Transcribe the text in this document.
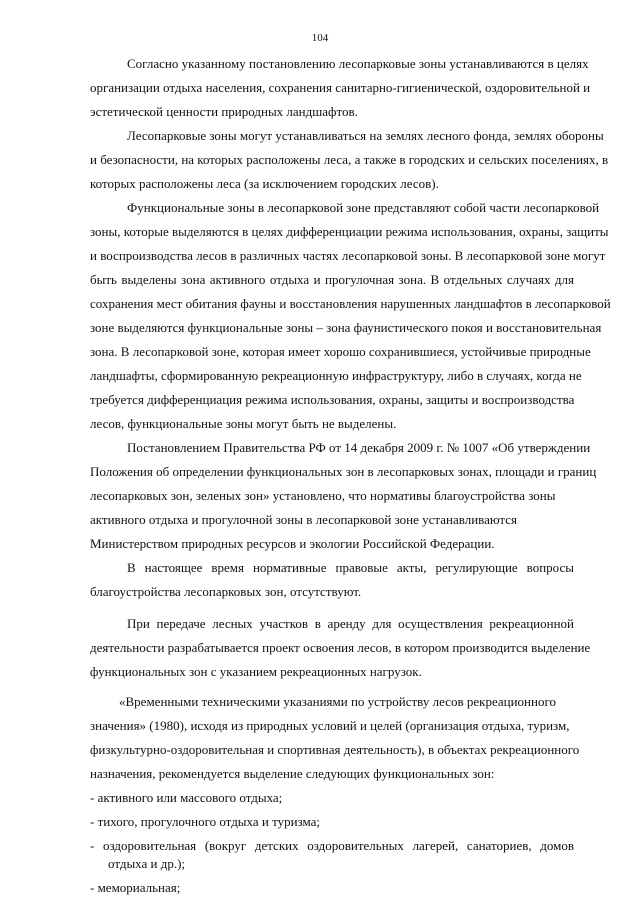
104
Согласно указанному постановлению лесопарковые зоны устанавливаются в целях
организации отдыха населения, сохранения санитарно-гигиенической, оздоровительной и
эстетической ценности природных ландшафтов.
Лесопарковые зоны могут устанавливаться на землях лесного фонда, землях обороны
и безопасности, на которых расположены леса, а также в городских и сельских поселениях, в
которых расположены леса (за исключением городских лесов).
Функциональные зоны в лесопарковой зоне представляют собой части лесопарковой
зоны, которые выделяются в целях дифференциации режима использования, охраны, защиты
и воспроизводства лесов в различных частях лесопарковой зоны. В лесопарковой зоне могут
быть выделены зона активного отдыха и прогулочная зона. В отдельных случаях для
сохранения мест обитания фауны и восстановления нарушенных ландшафтов в лесопарковой
зоне выделяются функциональные зоны – зона фаунистического покоя и восстановительная
зона. В лесопарковой зоне, которая имеет хорошо сохранившиеся, устойчивые природные
ландшафты, сформированную рекреационную инфраструктуру, либо в случаях, когда не
требуется дифференциация режима использования, охраны, защиты и воспроизводства
лесов, функциональные зоны могут быть не выделены.
Постановлением Правительства РФ от 14 декабря 2009 г. № 1007 «Об утверждении
Положения об определении функциональных зон в лесопарковых зонах, площади и границ
лесопарковых зон, зеленых зон» установлено, что нормативы благоустройства зоны
активного отдыха и прогулочной зоны в лесопарковой зоне устанавливаются
Министерством природных ресурсов и экологии Российской Федерации.
В настоящее время нормативные правовые акты, регулирующие вопросы
благоустройства лесопарковых зон, отсутствуют.
При передаче лесных участков в аренду для осуществления рекреационной
деятельности разрабатывается проект освоения лесов, в котором производится выделение
функциональных зон с указанием рекреационных нагрузок.
«Временными техническими указаниями по устройству лесов рекреационного
значения» (1980), исходя из природных условий и целей (организация отдыха, туризм,
физкультурно-оздоровительная и спортивная деятельность), в объектах рекреационного
назначения, рекомендуется выделение следующих функциональных зон:
- активного или массового отдыха;
- тихого, прогулочного отдыха и туризма;
- оздоровительная (вокруг детских оздоровительных лагерей, санаториев, домов
отдыха и др.);
- мемориальная;
